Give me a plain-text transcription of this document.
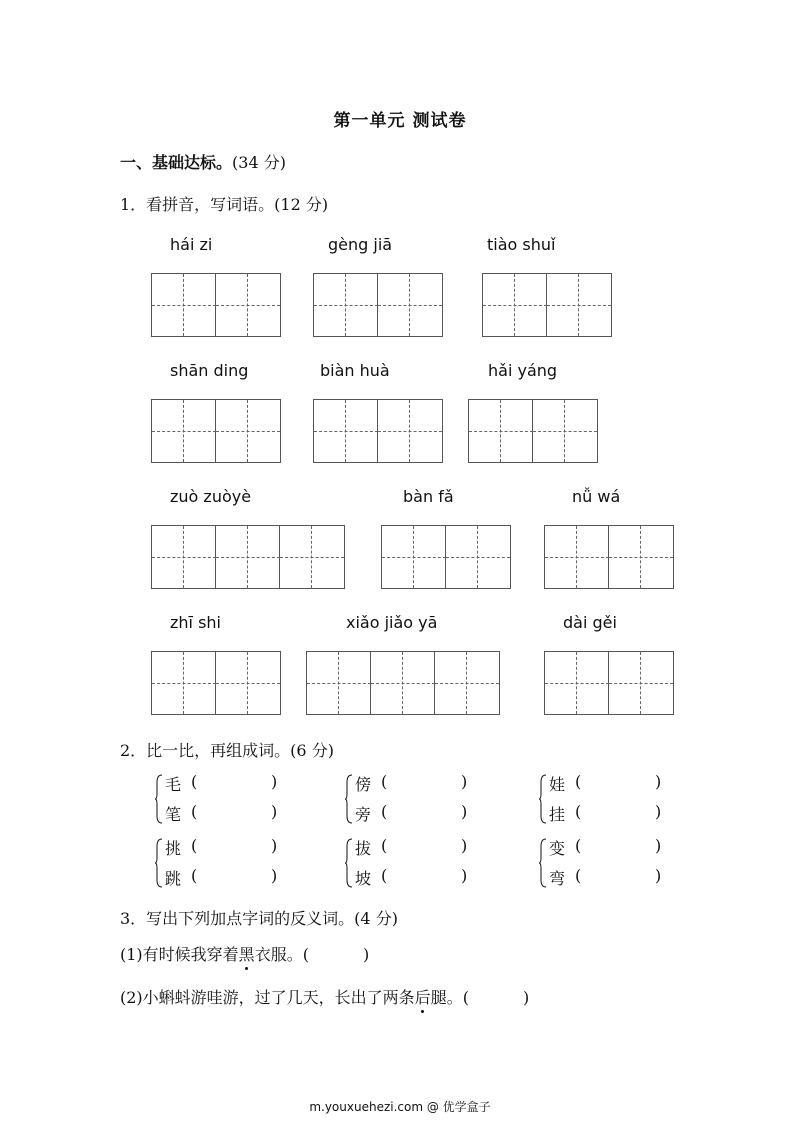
第一单元 测试卷
一、基础达标。(34 分)
1．看拼音，写词语。(12 分)
hái zi	gèng jiā	tiào shuǐ
shān ding	biàn huà	hǎi yáng
zuò zuòyè	bàn fǎ	nǚ wá
zhī shi	xiǎo jiǎo yā	dài gěi
2．比一比，再组成词。(6 分)
毛 (	)
笔 (	)
傍 (	)
旁 (	)
娃 (	)
挂 (	)
挑 (	)
跳 (	)
拔 (	)
坡 (	)
变 (	)
弯 (	)
3．写出下列加点字词的反义词。(4 分)
(1)有时候我穿着黑衣服。(	)
(2)小蝌蚪游哇游，过了几天，长出了两条后腿。(	)
m.youxuehezi.com @ 优学盒子
